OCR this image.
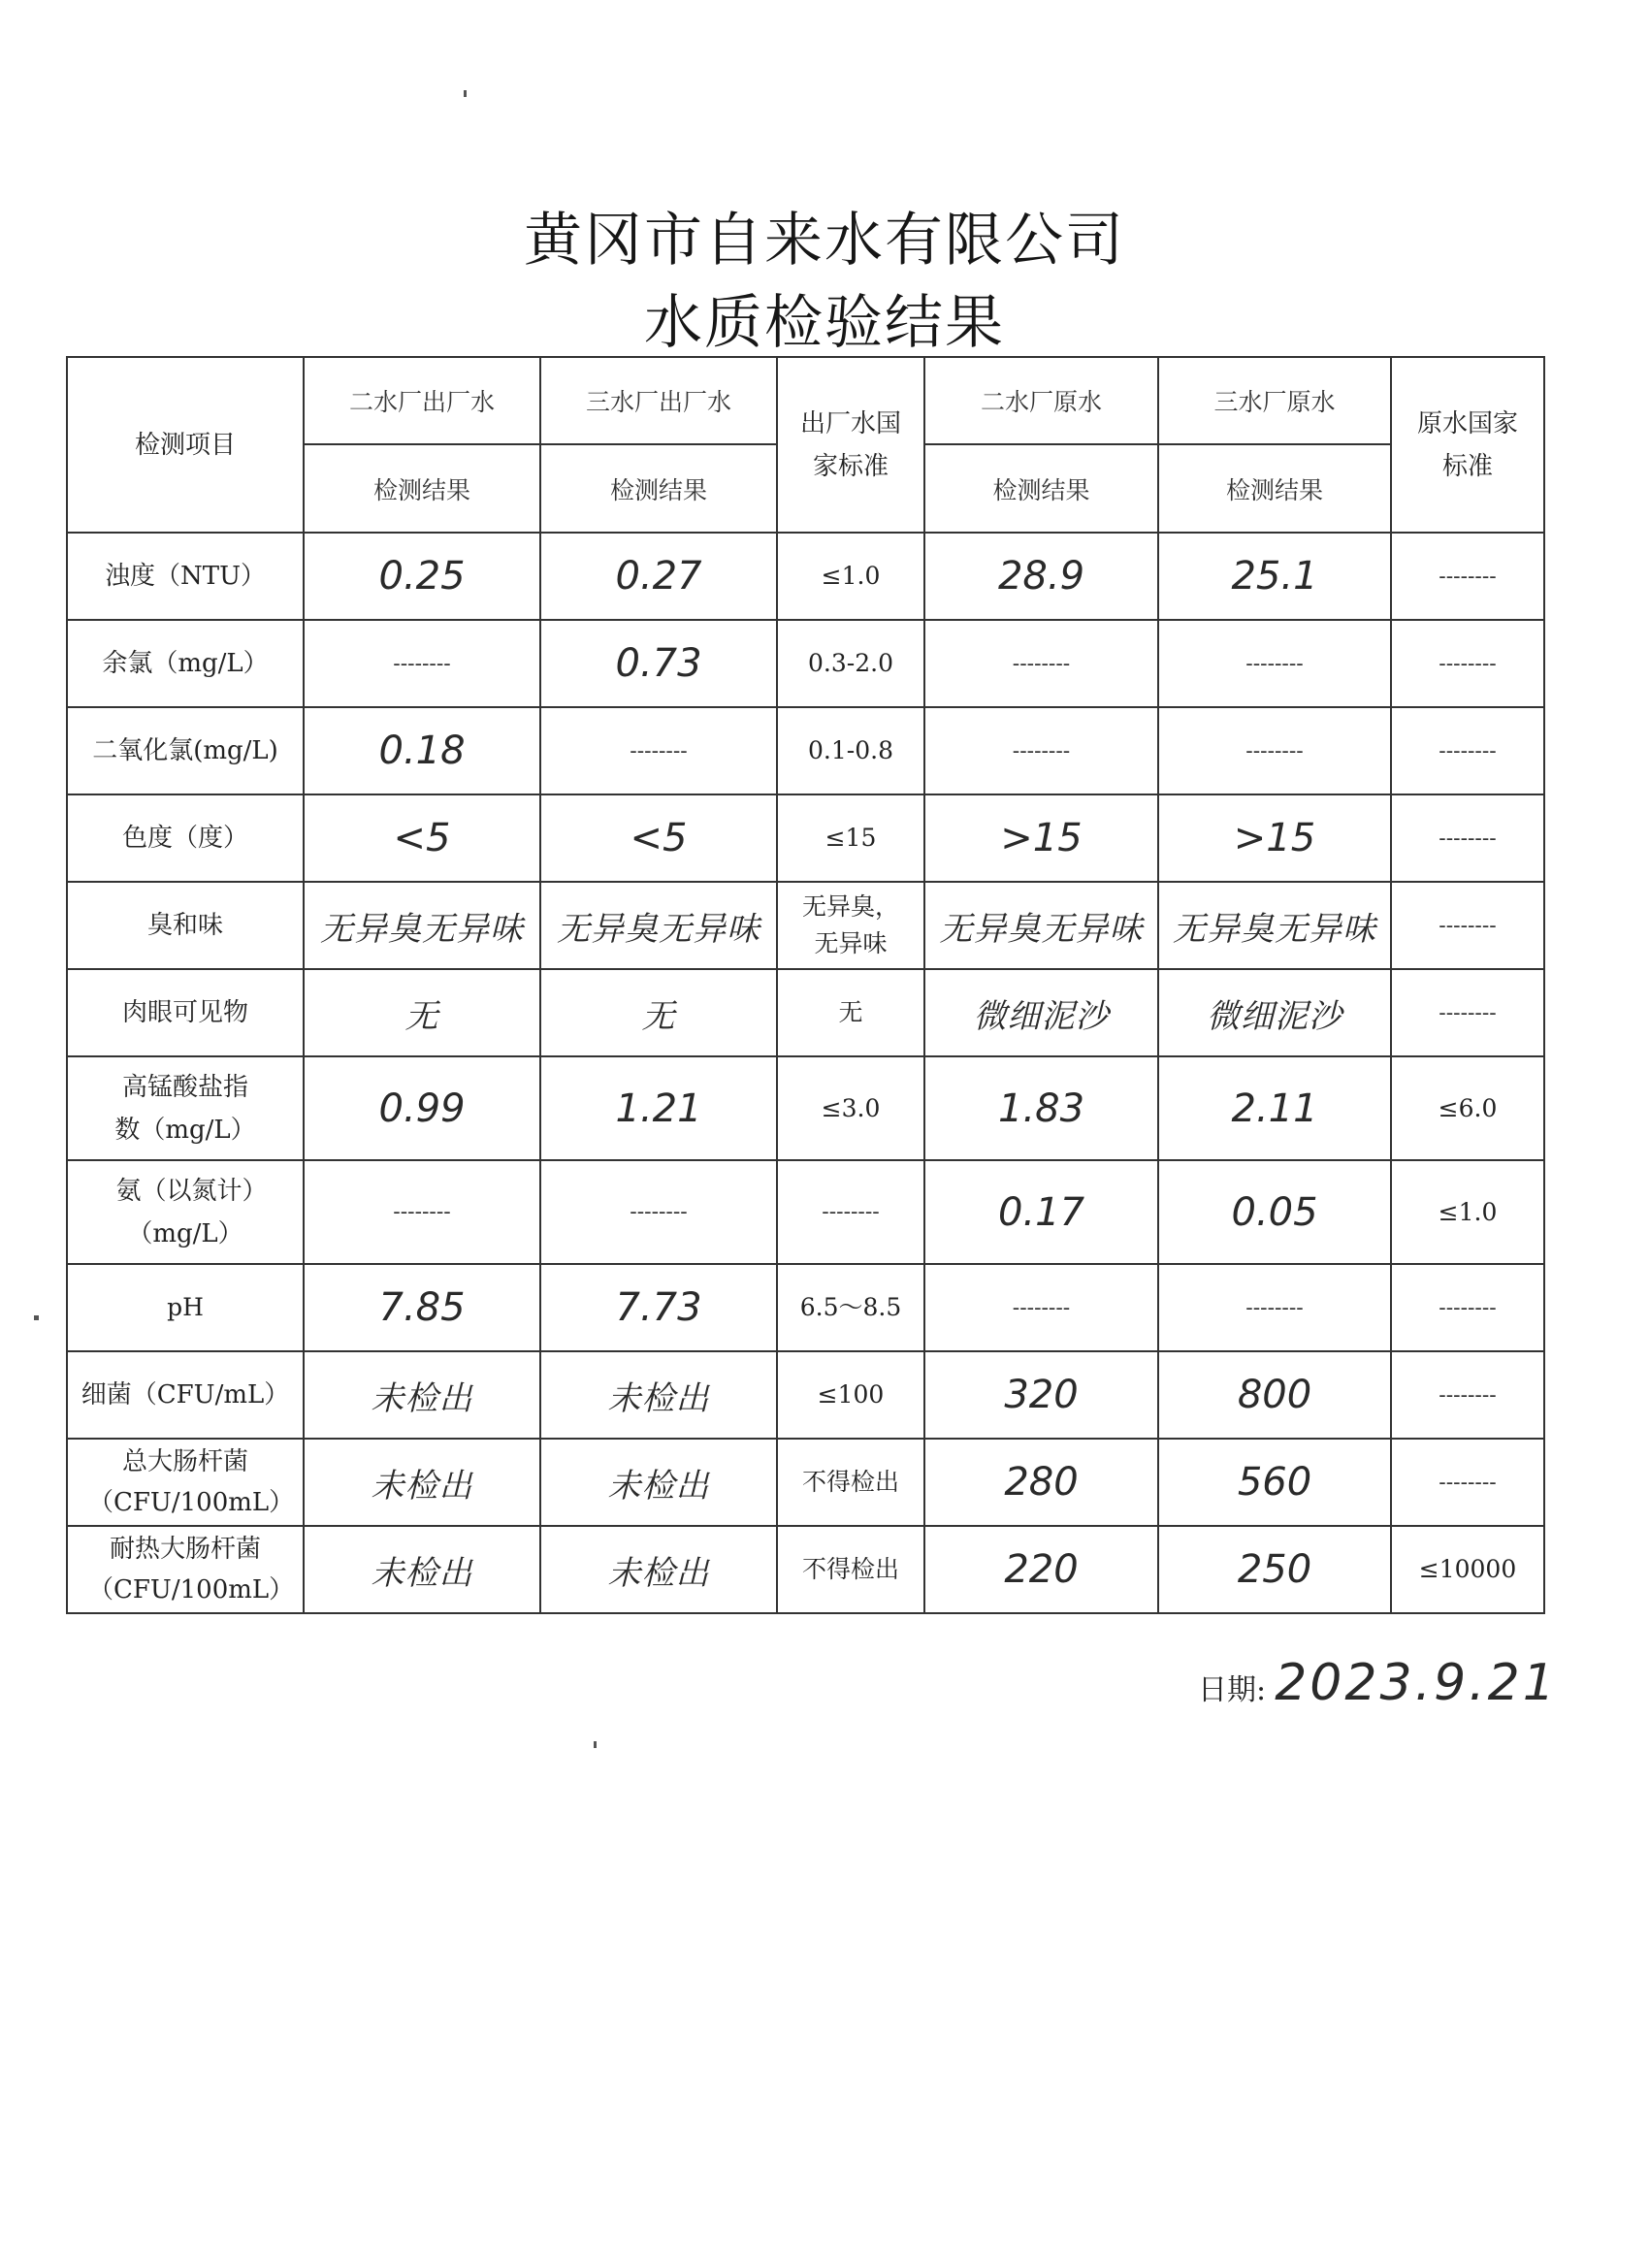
黄冈市自来水有限公司
水质检验结果
检测项目	二水厂出厂水	三水厂出厂水	出厂水国家标准	二水厂原水	三水厂原水	原水国家标准

	检测结果	检测结果		检测结果	检测结果	
浊度（NTU）	0.25	0.27	≤1.0	28.9	25.1	--------
余氯（mg/L）	--------	0.73	0.3-2.0	--------	--------	--------
二氧化氯(mg/L)	0.18	--------	0.1-0.8	--------	--------	--------
色度（度）	<5	<5	≤15	>15	>15	--------
臭和味	无异臭无异味	无异臭无异味	无异臭，无异味	无异臭无异味	无异臭无异味	--------
肉眼可见物	无	无	无	微细泥沙	微细泥沙	--------

高锰酸盐指数（mg/L）	0.99	1.21	≤3.0	1.83	2.11	≤6.0

氨（以氮计）（mg/L）	--------	--------	--------	0.17	0.05	≤1.0
pH	7.85	7.73	6.5～8.5	--------	--------	--------
细菌（CFU/mL）	未检出	未检出	≤100	320	800	--------

总大肠杆菌（CFU/100mL）	未检出	未检出	不得检出	280	560	--------

耐热大肠杆菌（CFU/100mL）	未检出	未检出	不得检出	220	250	≤10000
日期: 2023.9.21
